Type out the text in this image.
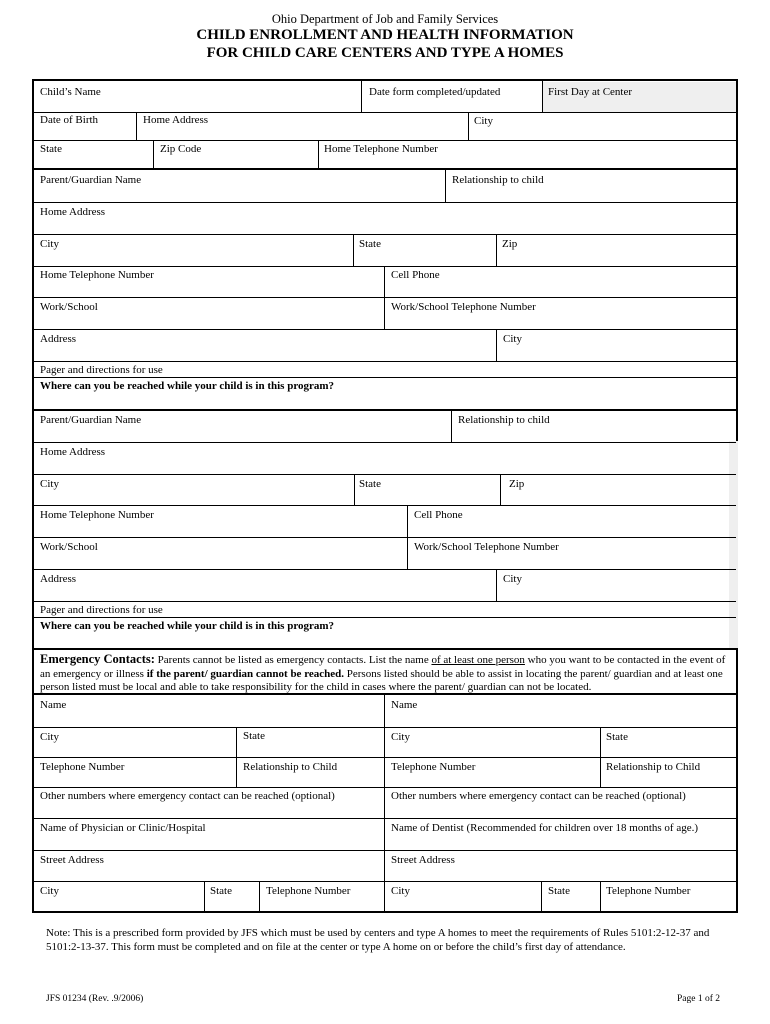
Ohio Department of Job and Family Services
CHILD ENROLLMENT AND HEALTH INFORMATION
FOR CHILD CARE CENTERS AND TYPE A HOMES
Child’s Name	Date form completed/updated	First Day at Center
Date of Birth	Home Address	City
State	Zip Code	Home Telephone Number
Parent/Guardian Name	Relationship to child
Home Address
City	State	Zip
Home Telephone Number	Cell Phone
Work/School	Work/School Telephone Number
Address	City
Pager and directions for use
Where can you be reached while your child is in this program?
Parent/Guardian Name	Relationship to child
Home Address
City	State	Zip
Home Telephone Number	Cell Phone
Work/School	Work/School Telephone Number
Address	City
Pager and directions for use
Where can you be reached while your child is in this program?
Emergency Contacts: Parents cannot be listed as emergency contacts. List the name of at least one person who you want to be contacted in the event of an emergency or illness if the parent/ guardian cannot be reached. Persons listed should be able to assist in locating the parent/ guardian and at least one person listed must be local and able to take responsibility for the child in cases where the parent/ guardian can not be located.
Name	Name
City	State	City	State
Telephone Number	Relationship to Child	Telephone Number	Relationship to Child
Other numbers where emergency contact can be reached (optional)	Other numbers where emergency contact can be reached (optional)
Name of Physician or Clinic/Hospital	Name of Dentist (Recommended for children over 18 months of age.)
Street Address	Street Address
City	State	Telephone Number	City	State	Telephone Number
Note: This is a prescribed form provided by JFS which must be used by centers and type A homes to meet the requirements of Rules 5101:2-12-37 and 5101:2-13-37. This form must be completed and on file at the center or type A home on or before the child’s first day of attendance.
JFS 01234 (Rev. .9/2006)	Page 1 of 2
